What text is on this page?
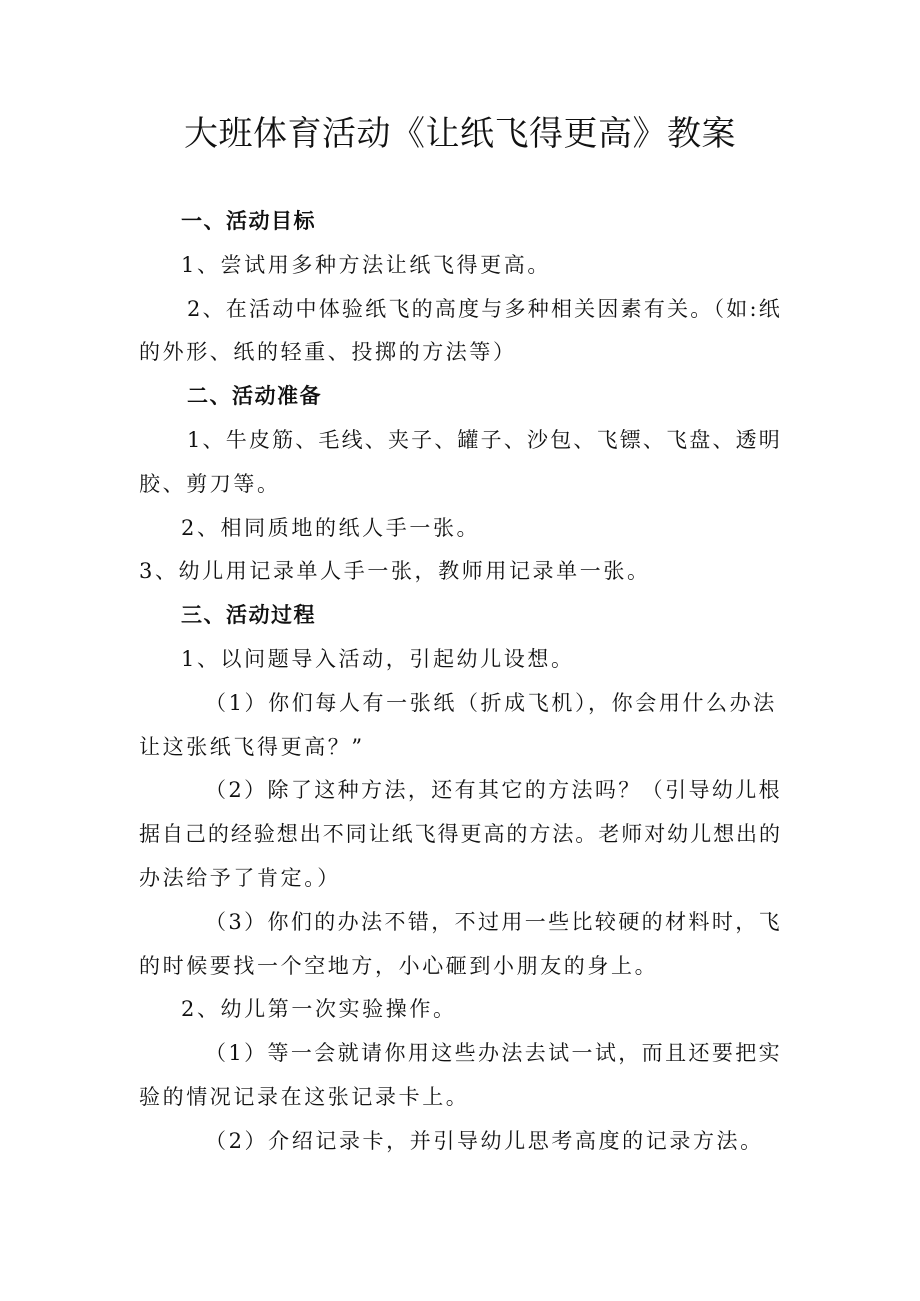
大班体育活动《让纸飞得更高》教案

一、活动目标

1、尝试用多种方法让纸飞得更高。

2、在活动中体验纸飞的高度与多种相关因素有关。（如:纸

的外形、纸的轻重、投掷的方法等）

二、活动准备

1、牛皮筋、毛线、夹子、罐子、沙包、飞镖、飞盘、透明

胶、剪刀等。

2、相同质地的纸人手一张。

3、幼儿用记录单人手一张，教师用记录单一张。

三、活动过程

1、以问题导入活动，引起幼儿设想。

（1）你们每人有一张纸（折成飞机），你会用什么办法

让这张纸飞得更高？”

（2）除了这种方法，还有其它的方法吗？（引导幼儿根

据自己的经验想出不同让纸飞得更高的方法。老师对幼儿想出的

办法给予了肯定。）

（3）你们的办法不错，不过用一些比较硬的材料时，飞

的时候要找一个空地方，小心砸到小朋友的身上。

2、幼儿第一次实验操作。

（1）等一会就请你用这些办法去试一试，而且还要把实

验的情况记录在这张记录卡上。

（2）介绍记录卡，并引导幼儿思考高度的记录方法。
